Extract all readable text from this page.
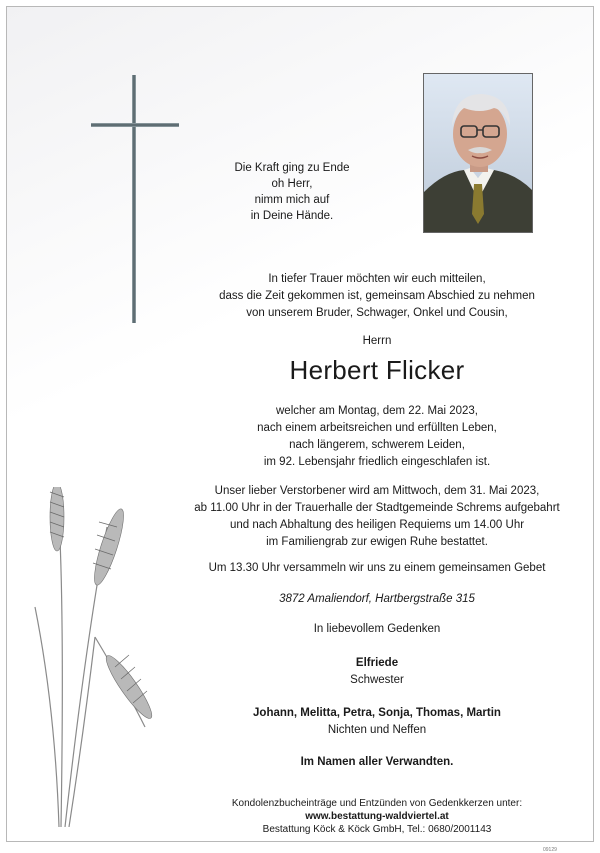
Die Kraft ging zu Ende
oh Herr,
nimm mich auf
in Deine Hände.
In tiefer Trauer möchten wir euch mitteilen,
dass die Zeit gekommen ist, gemeinsam Abschied zu nehmen
von unserem Bruder, Schwager, Onkel und Cousin,
Herrn
Herbert Flicker
welcher am Montag, dem 22. Mai 2023,
nach einem arbeitsreichen und erfüllten Leben,
nach längerem, schwerem Leiden,
im 92. Lebensjahr friedlich eingeschlafen ist.
Unser lieber Verstorbener wird am Mittwoch, dem 31. Mai 2023,
ab 11.00 Uhr in der Trauerhalle der Stadtgemeinde Schrems aufgebahrt
und nach Abhaltung des heiligen Requiems um 14.00 Uhr
im Familiengrab zur ewigen Ruhe bestattet.
Um 13.30 Uhr versammeln wir uns zu einem gemeinsamen Gebet
3872 Amaliendorf, Hartbergstraße 315
In liebevollem Gedenken
Elfriede
Schwester
Johann, Melitta, Petra, Sonja, Thomas, Martin
Nichten und Neffen
Im Namen aller Verwandten.
Kondolenzbucheinträge und Entzünden von Gedenkkerzen unter:
www.bestattung-waldviertel.at
Bestattung Köck & Köck GmbH, Tel.: 0680/2001143
09129
